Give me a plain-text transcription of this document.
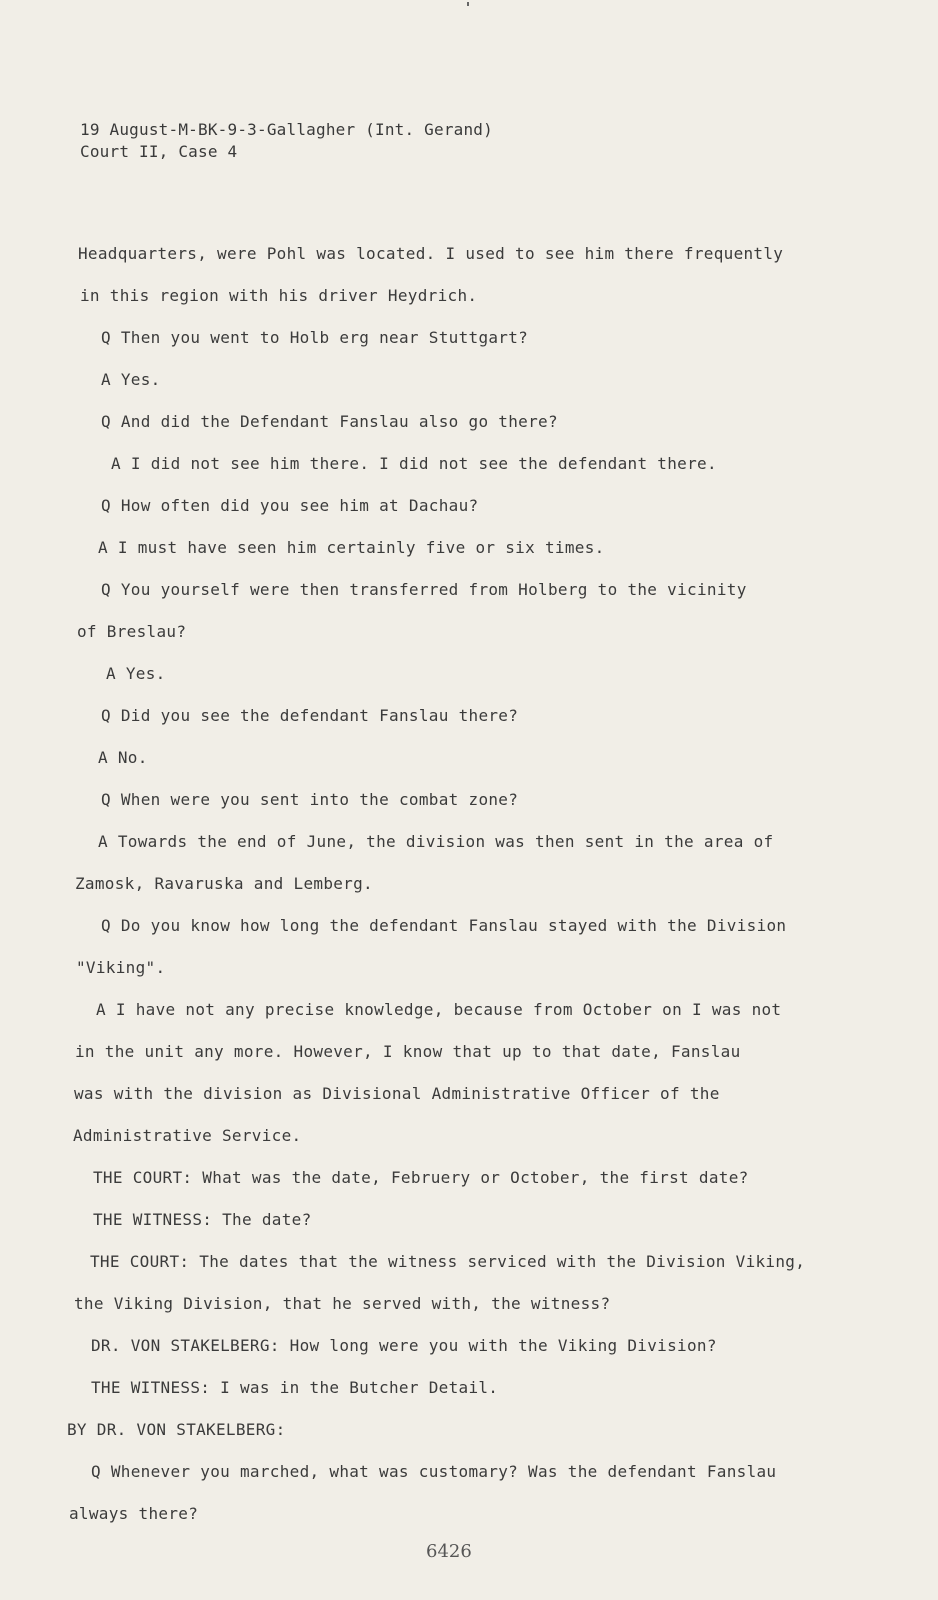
19 August-M-BK-9-3-Gallagher (Int. Gerand)
Court II, Case 4
Headquarters, were Pohl was located. I used to see him there frequently
in this region with his driver Heydrich.
Q Then you went to Holb erg near Stuttgart?
A Yes.
Q And did the Defendant Fanslau also go there?
A I did not see him there. I did not see the defendant there.
Q How often did you see him at Dachau?
A I must have seen him certainly five or six times.
Q You yourself were then transferred from Holberg to the vicinity
of Breslau?
A Yes.
Q Did you see the defendant Fanslau there?
A No.
Q When were you sent into the combat zone?
A Towards the end of June, the division was then sent in the area of
Zamosk, Ravaruska and Lemberg.
Q Do you know how long the defendant Fanslau stayed with the Division
"Viking".
A I have not any precise knowledge, because from October on I was not
in the unit any more. However, I know that up to that date, Fanslau
was with the division as Divisional Administrative Officer of the
Administrative Service.
THE COURT: What was the date, Februery or October, the first date?
THE WITNESS: The date?
THE COURT: The dates that the witness serviced with the Division Viking,
the Viking Division, that he served with, the witness?
DR. VON STAKELBERG: How long were you with the Viking Division?
THE WITNESS: I was in the Butcher Detail.
BY DR. VON STAKELBERG:
Q Whenever you marched, what was customary? Was the defendant Fanslau
always there?
6426
